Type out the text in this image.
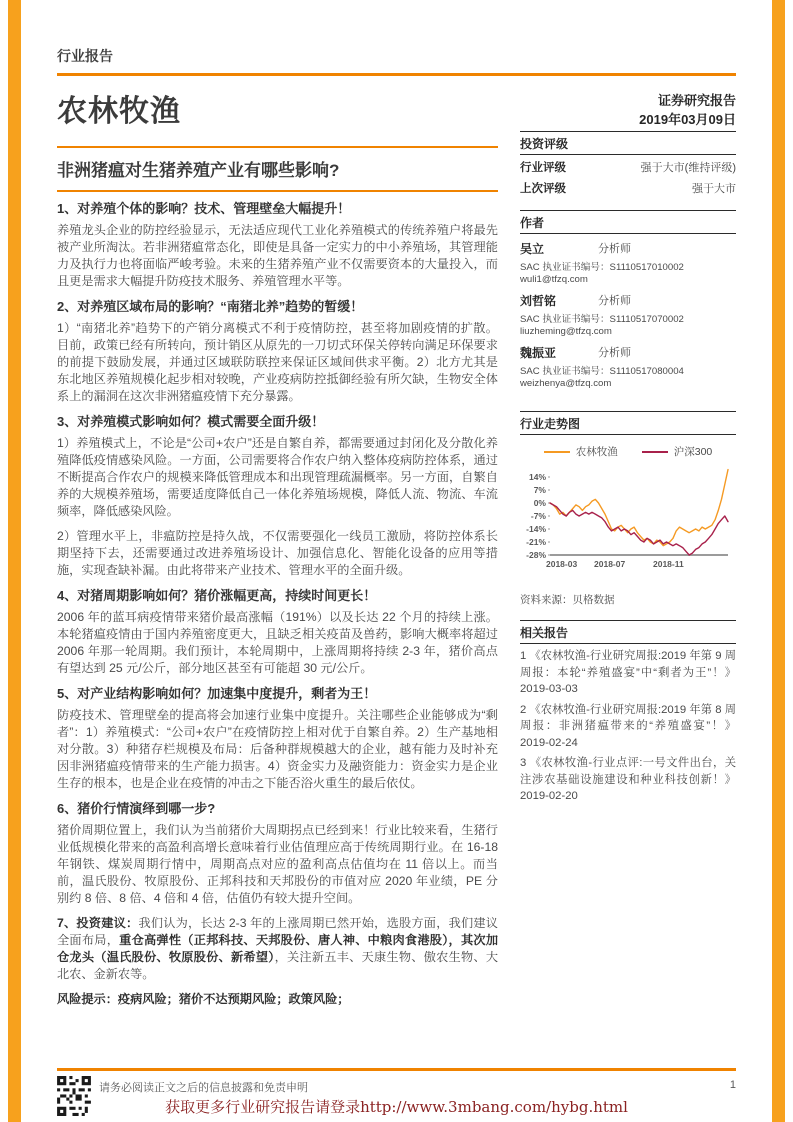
行业报告
农林牧渔	证券研究报告
2019年03月09日
非洲猪瘟对生猪养殖产业有哪些影响?
1、对养殖个体的影响？技术、管理壁垒大幅提升！

养殖龙头企业的防控经验显示，无法适应现代工业化养殖模式的传统养殖户将最先被产业所淘汰。若非洲猪瘟常态化，即使是具备一定实力的中小养殖场，其管理能力及执行力也将面临严峻考验。未来的生猪养殖产业不仅需要资本的大量投入，而且更是需求大幅提升防疫技术服务、养殖管理水平等。

2、对养殖区域布局的影响？“南猪北养”趋势的暂缓！

1）“南猪北养”趋势下的产销分离模式不利于疫情防控，甚至将加剧疫情的扩散。目前，政策已经有所转向，预计销区从原先的一刀切式环保关停转向满足环保要求的前提下鼓励发展，并通过区域联防联控来保证区域间供求平衡。2）北方尤其是东北地区养殖规模化起步相对较晚，产业疫病防控抵御经验有所欠缺，生物安全体系上的漏洞在这次非洲猪瘟疫情下充分暴露。

3、对养殖模式影响如何？模式需要全面升级！

1）养殖模式上，不论是“公司+农户”还是自繁自养，都需要通过封闭化及分散化养殖降低疫情感染风险。一方面，公司需要将合作农户纳入整体疫病防控体系，通过不断提高合作农户的规模来降低管理成本和出现管理疏漏概率。另一方面，自繁自养的大规模养殖场，需要适度降低自己一体化养殖场规模，降低人流、物流、车流频率，降低感染风险。

2）管理水平上，非瘟防控是持久战，不仅需要强化一线员工激励，将防控体系长期坚持下去，还需要通过改进养殖场设计、加强信息化、智能化设备的应用等措施，实现查缺补漏。由此将带来产业技术、管理水平的全面升级。

4、对猪周期影响如何？猪价涨幅更高，持续时间更长！

2006 年的蓝耳病疫情带来猪价最高涨幅（191%）以及长达 22 个月的持续上涨。本轮猪瘟疫情由于国内养殖密度更大，且缺乏相关疫苗及兽药，影响大概率将超过 2006 年那一轮周期。我们预计，本轮周期中，上涨周期将持续 2-3 年，猪价高点有望达到 25 元/公斤，部分地区甚至有可能超 30 元/公斤。

5、对产业结构影响如何？加速集中度提升，剩者为王！

防疫技术、管理壁垒的提高将会加速行业集中度提升。关注哪些企业能够成为“剩者”：1）养殖模式：“公司+农户”在疫情防控上相对优于自繁自养。2）生产基地相对分散。3）种猪存栏规模及布局：后备种群规模越大的企业，越有能力及时补充因非洲猪瘟疫情带来的生产能力损害。4）资金实力及融资能力：资金实力是企业生存的根本，也是企业在疫情的冲击之下能否浴火重生的最后依仗。

6、猪价行情演绎到哪一步?

猪价周期位置上，我们认为当前猪价大周期拐点已经到来！行业比较来看，生猪行业低规模化带来的高盈利高增长意味着行业估值理应高于传统周期行业。在 16-18 年钢铁、煤炭周期行情中，周期高点对应的盈利高点估值均在 11 倍以上。而当前，温氏股份、牧原股份、正邦科技和天邦股份的市值对应 2020 年业绩，PE 分别约 8 倍、8 倍、4 倍和 4 倍，估值仍有较大提升空间。

7、投资建议：我们认为，长达 2-3 年的上涨周期已然开始，选股方面，我们建议全面布局，重仓高弹性（正邦科技、天邦股份、唐人神、中粮肉食港股），其次加仓龙头（温氏股份、牧原股份、新希望），关注新五丰、天康生物、傲农生物、大北农、金新农等。

风险提示：疫病风险；猪价不达预期风险；政策风险；

投资评级
行业评级	强于大市(维持评级)
上次评级	强于大市
作者
吴立	分析师
SAC 执业证书编号：S1110517010002
wuli1@tfzq.com
刘哲铭	分析师
SAC 执业证书编号：S1110517070002
liuzheming@tfzq.com
魏振亚	分析师
SAC 执业证书编号：S1110517080004
weizhenya@tfzq.com
行业走势图
农林牧渔	沪深300
14%
7%
0%
-7%
-14%
-21%
-28%
2018-03 2018-07	2018-11
资料来源：贝格数据
相关报告
1 《农林牧渔-行业研究周报:2019 年第 9 周周报：本轮“养殖盛宴”中“剩者为王”！》 2019-03-03
2 《农林牧渔-行业研究周报:2019 年第 8 周周报：非洲猪瘟带来的“养殖盛宴”！》 2019-02-24
3 《农林牧渔-行业点评:一号文件出台，关注涉农基础设施建设和种业科技创新！》 2019-02-20
请务必阅读正文之后的信息披露和免责申明	1
获取更多行业研究报告请登录http://www.3mbang.com/hybg.html
